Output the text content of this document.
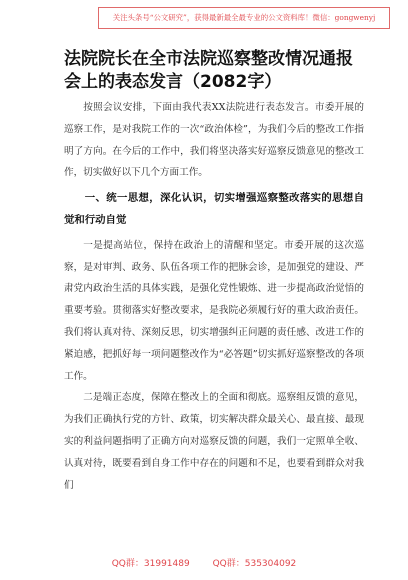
关注头条号“公文研究”，获得最新最全最专业的公文资料库！微信：gongwenyj
法院院长在全市法院巡察整改情况通报会上的表态发言（2082字）

按照会议安排，下面由我代表XX法院进行表态发言。市委开展的巡察工作，是对我院工作的一次“政治体检”，为我们今后的整改工作指明了方向。在今后的工作中，我们将坚决落实好巡察反馈意见的整改工作，切实做好以下几个方面工作。

一、统一思想，深化认识，切实增强巡察整改落实的思想自觉和行动自觉

一是提高站位，保持在政治上的清醒和坚定。市委开展的这次巡察，是对审判、政务、队伍各项工作的把脉会诊，是加强党的建设、严肃党内政治生活的具体实践，是强化党性锻炼、进一步提高政治觉悟的重要考验。贯彻落实好整改要求，是我院必须履行好的重大政治责任。我们将认真对待、深刻反思，切实增强纠正问题的责任感、改进工作的紧迫感，把抓好每一项问题整改作为“必答题”切实抓好巡察整改的各项工作。

二是端正态度，保障在整改上的全面和彻底。巡察组反馈的意见，为我们正确执行党的方针、政策，切实解决群众最关心、最直接、最现实的利益问题指明了正确方向对巡察反馈的问题，我们一定照单全收、认真对待，既要看到自身工作中存在的问题和不足，也要看到群众对我们

QQ群：31991489	QQ群：535304092
